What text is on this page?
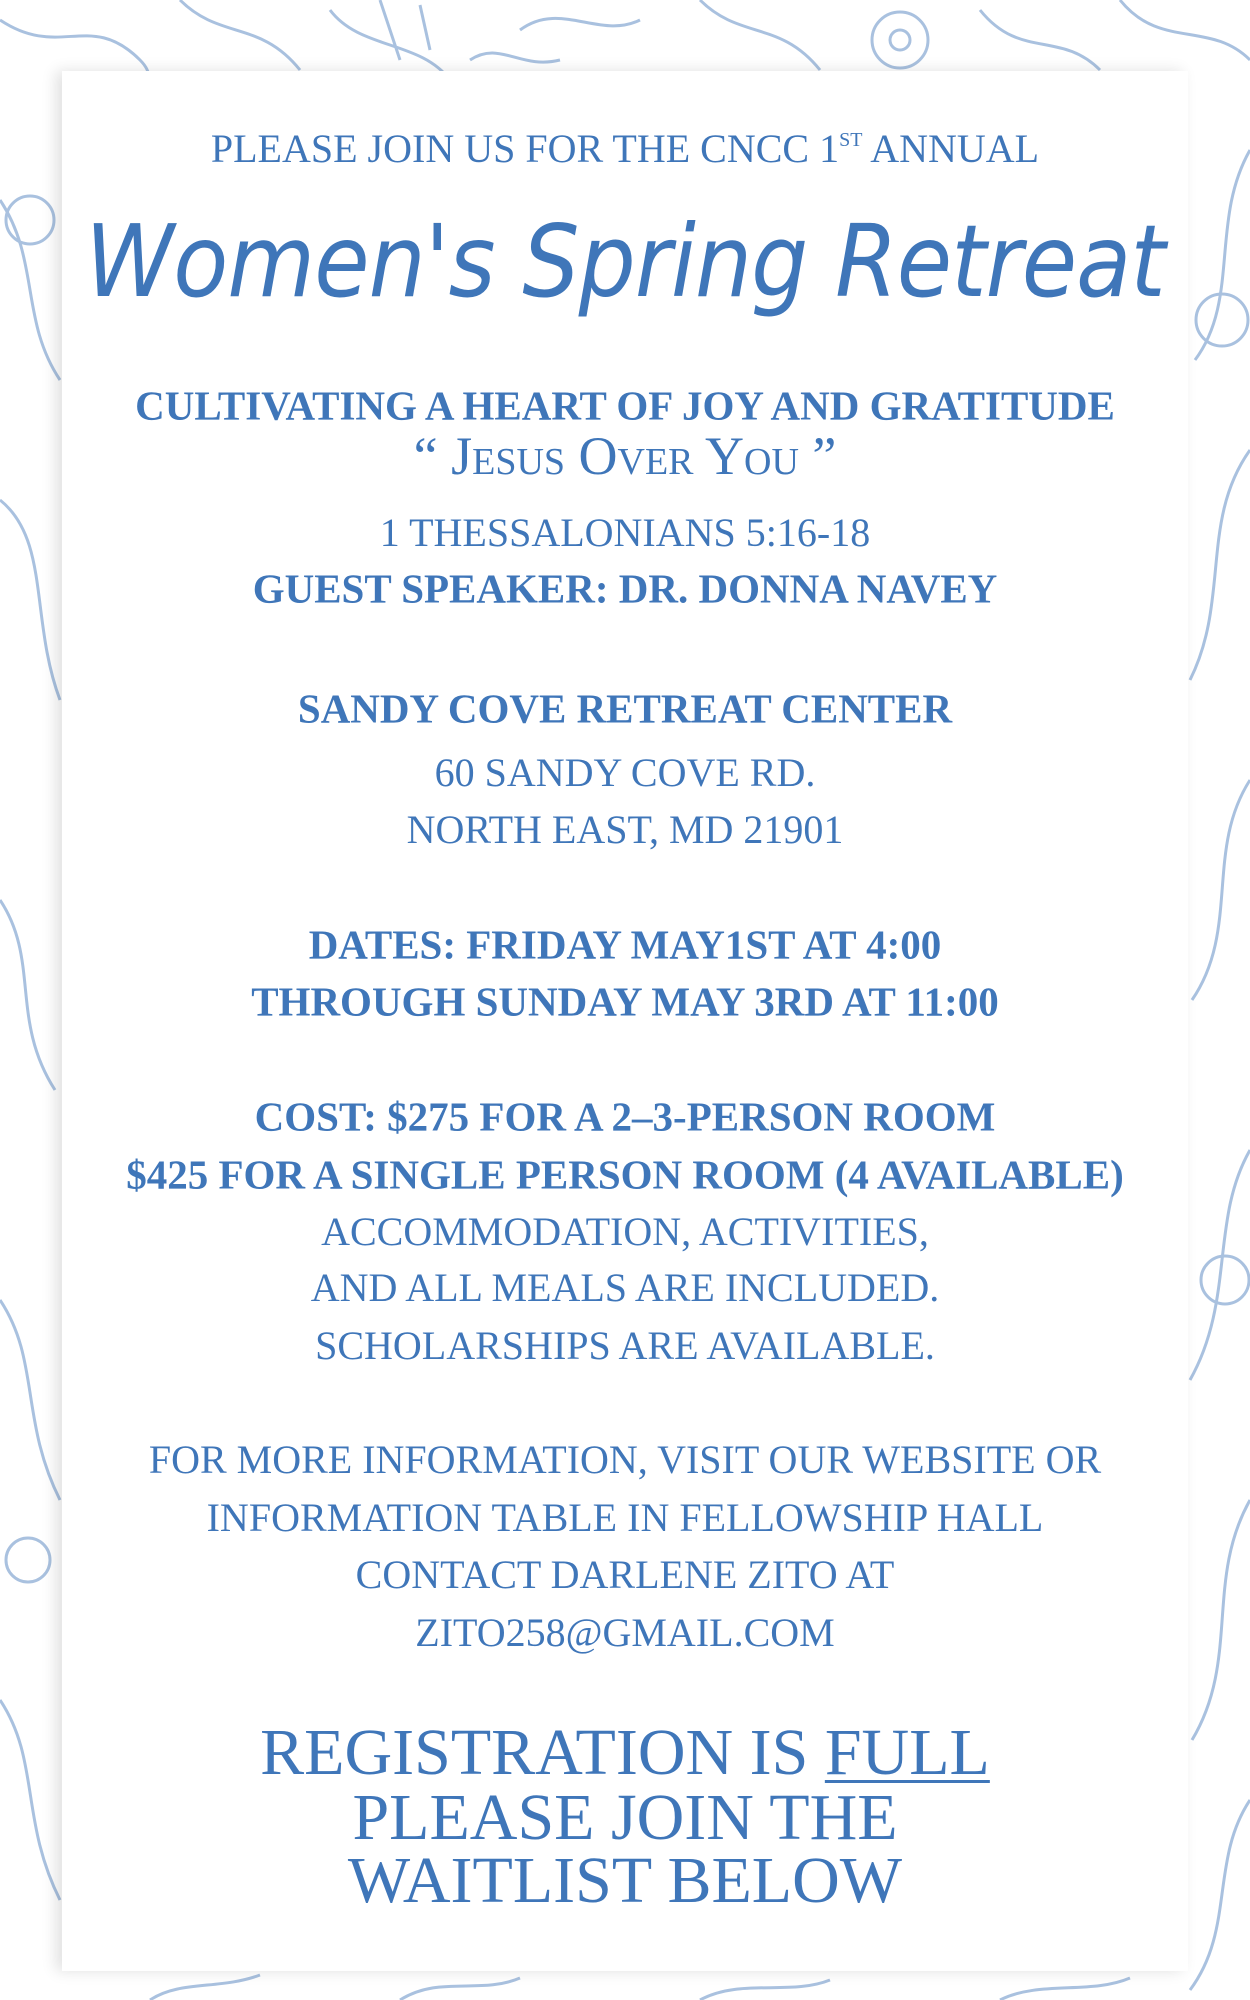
PLEASE JOIN US FOR THE CNCC 1ST ANNUAL
Women's Spring Retreat
CULTIVATING A HEART OF JOY AND GRATITUDE
“ Jesus Over You ”
1 THESSALONIANS 5:16-18
GUEST SPEAKER: DR. DONNA NAVEY
SANDY COVE RETREAT CENTER
60 SANDY COVE RD.
NORTH EAST, MD 21901
DATES: FRIDAY MAY1ST AT 4:00
THROUGH SUNDAY MAY 3RD AT 11:00
COST: $275 FOR A 2–3-PERSON ROOM
$425 FOR A SINGLE PERSON ROOM (4 AVAILABLE)
ACCOMMODATION, ACTIVITIES,
AND ALL MEALS ARE INCLUDED.
SCHOLARSHIPS ARE AVAILABLE.
FOR MORE INFORMATION, VISIT OUR WEBSITE OR
INFORMATION TABLE IN FELLOWSHIP HALL
CONTACT DARLENE ZITO AT
ZITO258@GMAIL.COM
REGISTRATION IS FULL
PLEASE JOIN THE
WAITLIST BELOW
